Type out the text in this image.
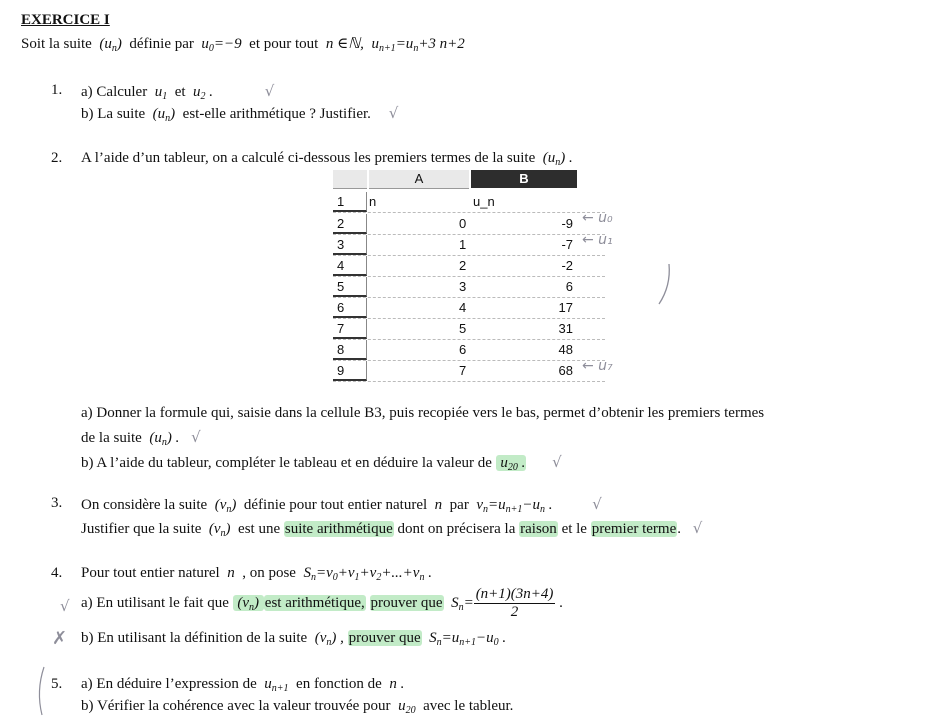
EXERCICE I
Soit la suite  $(u_n)$  définie par  $u_0=-9$  et pour tout  n ∈ℕ,  $u_{n+1}=u_n+3$ n+2
1. a) Calculer  $u_1$ et  $u_2$ .	√
b) La suite  $(u_n)$  est-elle arithmétique ? Justifier. √
2. A l’aide d’un tableur, on a calculé ci-dessous les premiers termes de la suite  $(u_n)$ .
A	B
1	n	u_n
2	0	-9
3	1	-7
4	2	-2
5	3	6
6	4	17
7	5	31
8	6	48
9	7	68
← u₀
← u₁
← u₇
a) Donner la formule qui, saisie dans la cellule B3, puis recopiée vers le bas, permet d’obtenir les premiers termes
de la suite  $(u_n)$ . √
b) A l’aide du tableur, compléter le tableau et en déduire la valeur de  $u_{20}$ . √
3. On considère la suite  $(v_n)$  définie pour tout entier naturel  n  par  $v_n=u_{n+1}-u_n$ .	√
Justifier que la suite  $(v_n)$  est une suite arithmétique dont on précisera la raison et le premier terme. √
4. Pour tout entier naturel  n  , on pose  $S_n=v_0+v_1+v_2+...+v_n$ .
√ a) En utilisant le fait que  $(v_n)$ est arithmétique, prouver que  $S_n= \frac{(n+1)(3n+4)}{2}$ .
✗ b) En utilisant la définition de la suite  $(v_n)$ , prouver que  $S_n=u_{n+1}-u_0$ .
5. a) En déduire l’expression de  $u_{n+1}$ en fonction de  n .
b) Vérifier la cohérence avec la valeur trouvée pour  $u_{20}$ avec le tableur.
